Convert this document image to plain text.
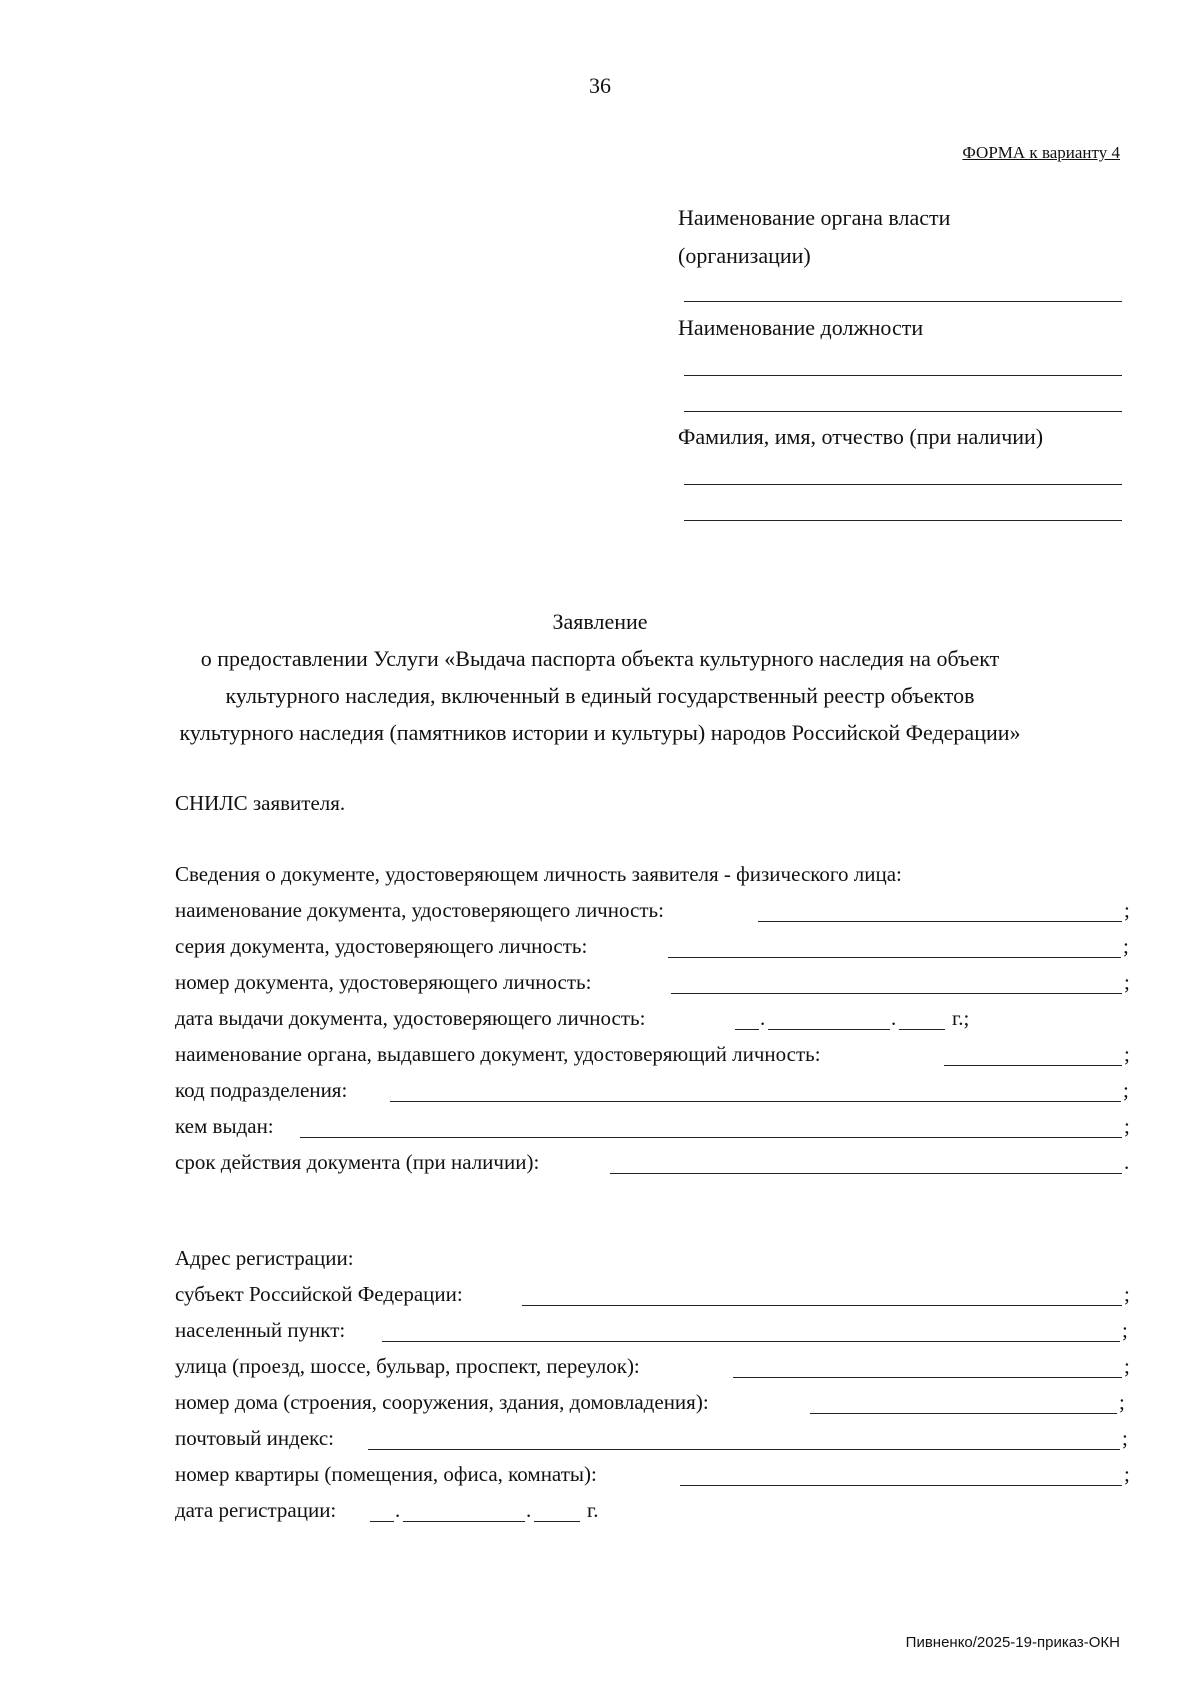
36
ФОРМА к варианту 4
Наименование органа власти
(организации)
Наименование должности
Фамилия, имя, отчество (при наличии)
Заявление
о предоставлении Услуги «Выдача паспорта объекта культурного наследия на объект
культурного наследия, включенный в единый государственный реестр объектов
культурного наследия (памятников истории и культуры) народов Российской Федерации»
СНИЛС заявителя.
Сведения о документе, удостоверяющем личность заявителя - физического лица:
наименование документа, удостоверяющего личность:	;
серия документа, удостоверяющего личность:	;
номер документа, удостоверяющего личность:	;
дата выдачи документа, удостоверяющего личность:	.	.	г.;
наименование органа, выдавшего документ, удостоверяющий личность:	;
код подразделения:	;
кем выдан:	;
срок действия документа (при наличии):	.
Адрес регистрации:
субъект Российской Федерации:	;
населенный пункт:	;
улица (проезд, шоссе, бульвар, проспект, переулок):	;
номер дома (строения, сооружения, здания, домовладения):	;
почтовый индекс:	;
номер квартиры (помещения, офиса, комнаты):	;
дата регистрации:	.	.	г.
Пивненко/2025-19-приказ-ОКН
